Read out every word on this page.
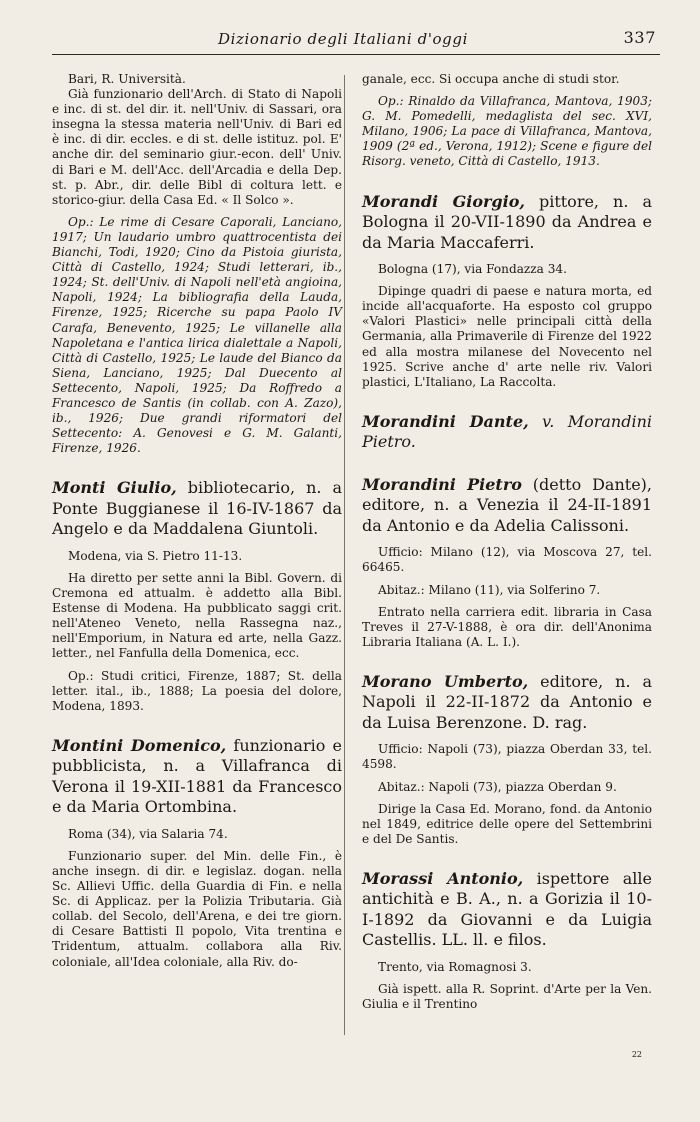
Dizionario degli Italiani d'oggi	337

Bari, R. Università.

Già funzionario dell'Arch. di Stato di Napoli e inc. di st. del dir. it. nell'Univ. di Sassari, ora insegna la stessa materia nell'Univ. di Bari ed è inc. di dir. eccles. e di st. delle istituz. pol. E' anche dir. del seminario giur.-econ. dell' Univ. di Bari e M. dell'Acc. dell'Arcadia e della Dep. st. p. Abr., dir. delle Bibl di coltura lett. e storico-giur. della Casa Ed. « Il Solco ».

Op.: Le rime di Cesare Caporali, Lanciano, 1917; Un laudario umbro quattrocentista dei Bianchi, Todi, 1920; Cino da Pistoia giurista, Città di Castello, 1924; Studi letterari, ib., 1924; St. dell'Univ. di Napoli nell'età angioina, Napoli, 1924; La bibliografia della Lauda, Firenze, 1925; Ricerche su papa Paolo IV Carafa, Benevento, 1925; Le villanelle alla Napoletana e l'antica lirica dialettale a Napoli, Città di Castello, 1925; Le laude del Bianco da Siena, Lanciano, 1925; Dal Duecento al Settecento, Napoli, 1925; Da Roffredo a Francesco de Santis (in collab. con A. Zazo), ib., 1926; Due grandi riformatori del Settecento: A. Genovesi e G. M. Galanti, Firenze, 1926.

Monti Giulio, bibliotecario, n. a Ponte Buggianese il 16-IV-1867 da Angelo e da Maddalena Giuntoli.

Modena, via S. Pietro 11-13.

Ha diretto per sette anni la Bibl. Govern. di Cremona ed attualm. è addetto alla Bibl. Estense di Modena. Ha pubblicato saggi crit. nell'Ateneo Veneto, nella Rassegna naz., nell'Emporium, in Natura ed arte, nella Gazz. letter., nel Fanfulla della Domenica, ecc.

Op.: Studi critici, Firenze, 1887; St. della letter. ital., ib., 1888; La poesia del dolore, Modena, 1893.

Montini Domenico, funzionario e pubblicista, n. a Villafranca di Verona il 19-XII-1881 da Francesco e da Maria Ortombina.

Roma (34), via Salaria 74.

Funzionario super. del Min. delle Fin., è anche insegn. di dir. e legislaz. dogan. nella Sc. Allievi Uffic. della Guardia di Fin. e nella Sc. di Applicaz. per la Polizia Tributaria. Già collab. del Secolo, dell'Arena, e dei tre giorn. di Cesare Battisti Il popolo, Vita trentina e Tridentum, attualm. collabora alla Riv. coloniale, all'Idea coloniale, alla Riv. do-

ganale, ecc. Si occupa anche di studi stor.

Op.: Rinaldo da Villafranca, Mantova, 1903; G. M. Pomedelli, medaglista del sec. XVI, Milano, 1906; La pace di Villafranca, Mantova, 1909 (2ª ed., Verona, 1912); Scene e figure del Risorg. veneto, Città di Castello, 1913.

Morandi Giorgio, pittore, n. a Bologna il 20-VII-1890 da Andrea e da Maria Maccaferri.

Bologna (17), via Fondazza 34.

Dipinge quadri di paese e natura morta, ed incide all'acquaforte. Ha esposto col gruppo «Valori Plastici» nelle principali città della Germania, alla Primaverile di Firenze del 1922 ed alla mostra milanese del Novecento nel 1925. Scrive anche d' arte nelle riv. Valori plastici, L'Italiano, La Raccolta.

Morandini Dante, v. Morandini Pietro.

Morandini Pietro (detto Dante), editore, n. a Venezia il 24-II-1891 da Antonio e da Adelia Calissoni.

Ufficio: Milano (12), via Moscova 27, tel. 66465.

Abitaz.: Milano (11), via Solferino 7.

Entrato nella carriera edit. libraria in Casa Treves il 27-V-1888, è ora dir. dell'Anonima Libraria Italiana (A. L. I.).

Morano Umberto, editore, n. a Napoli il 22-II-1872 da Antonio e da Luisa Berenzone. D. rag.

Ufficio: Napoli (73), piazza Oberdan 33, tel. 4598.

Abitaz.: Napoli (73), piazza Oberdan 9.

Dirige la Casa Ed. Morano, fond. da Antonio nel 1849, editrice delle opere del Settembrini e del De Santis.

Morassi Antonio, ispettore alle antichità e B. A., n. a Gorizia il 10-I-1892 da Giovanni e da Luigia Castellis. LL. ll. e filos.

Trento, via Romagnosi 3.

Già ispett. alla R. Soprint. d'Arte per la Ven. Giulia e il Trentino

22
